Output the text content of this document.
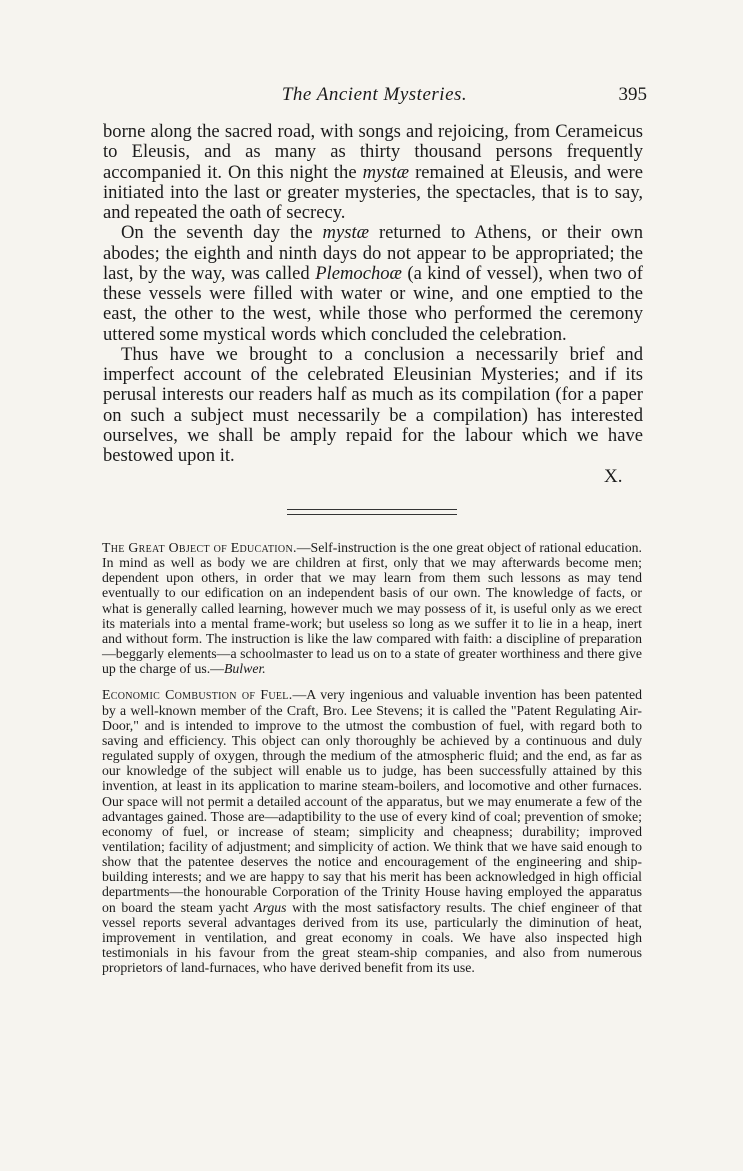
The Ancient Mysteries.	395

borne along the sacred road, with songs and rejoicing, from Cerameicus to Eleusis, and as many as thirty thousand persons frequently accompanied it. On this night the mystæ remained at Eleusis, and were initiated into the last or greater mysteries, the spectacles, that is to say, and repeated the oath of secrecy.

On the seventh day the mystæ returned to Athens, or their own abodes; the eighth and ninth days do not appear to be appropriated; the last, by the way, was called Plemochoæ (a kind of vessel), when two of these vessels were filled with water or wine, and one emptied to the east, the other to the west, while those who performed the ceremony uttered some mystical words which concluded the celebration.

Thus have we brought to a conclusion a necessarily brief and imperfect account of the celebrated Eleusinian Mysteries; and if its perusal interests our readers half as much as its compilation (for a paper on such a subject must necessarily be a compilation) has interested ourselves, we shall be amply repaid for the labour which we have bestowed upon it.

X.

The Great Object of Education.—Self-instruction is the one great object of rational education. In mind as well as body we are children at first, only that we may afterwards become men; dependent upon others, in order that we may learn from them such lessons as may tend eventually to our edification on an independent basis of our own. The knowledge of facts, or what is generally called learning, however much we may possess of it, is useful only as we erect its materials into a mental frame-work; but useless so long as we suffer it to lie in a heap, inert and without form. The instruction is like the law compared with faith: a discipline of preparation—beggarly elements—a schoolmaster to lead us on to a state of greater worthiness and there give up the charge of us.—Bulwer.

Economic Combustion of Fuel.—A very ingenious and valuable invention has been patented by a well-known member of the Craft, Bro. Lee Stevens; it is called the "Patent Regulating Air-Door," and is intended to improve to the utmost the combustion of fuel, with regard both to saving and efficiency. This object can only thoroughly be achieved by a continuous and duly regulated supply of oxygen, through the medium of the atmospheric fluid; and the end, as far as our knowledge of the subject will enable us to judge, has been successfully attained by this invention, at least in its application to marine steam-boilers, and locomotive and other furnaces. Our space will not permit a detailed account of the apparatus, but we may enumerate a few of the advantages gained. Those are—adaptibility to the use of every kind of coal; prevention of smoke; economy of fuel, or increase of steam; simplicity and cheapness; durability; improved ventilation; facility of adjustment; and simplicity of action. We think that we have said enough to show that the patentee deserves the notice and encouragement of the engineering and ship-building interests; and we are happy to say that his merit has been acknowledged in high official departments—the honourable Corporation of the Trinity House having employed the apparatus on board the steam yacht Argus with the most satisfactory results. The chief engineer of that vessel reports several advantages derived from its use, particularly the diminution of heat, improvement in ventilation, and great economy in coals. We have also inspected high testimonials in his favour from the great steam-ship companies, and also from numerous proprietors of land-furnaces, who have derived benefit from its use.
